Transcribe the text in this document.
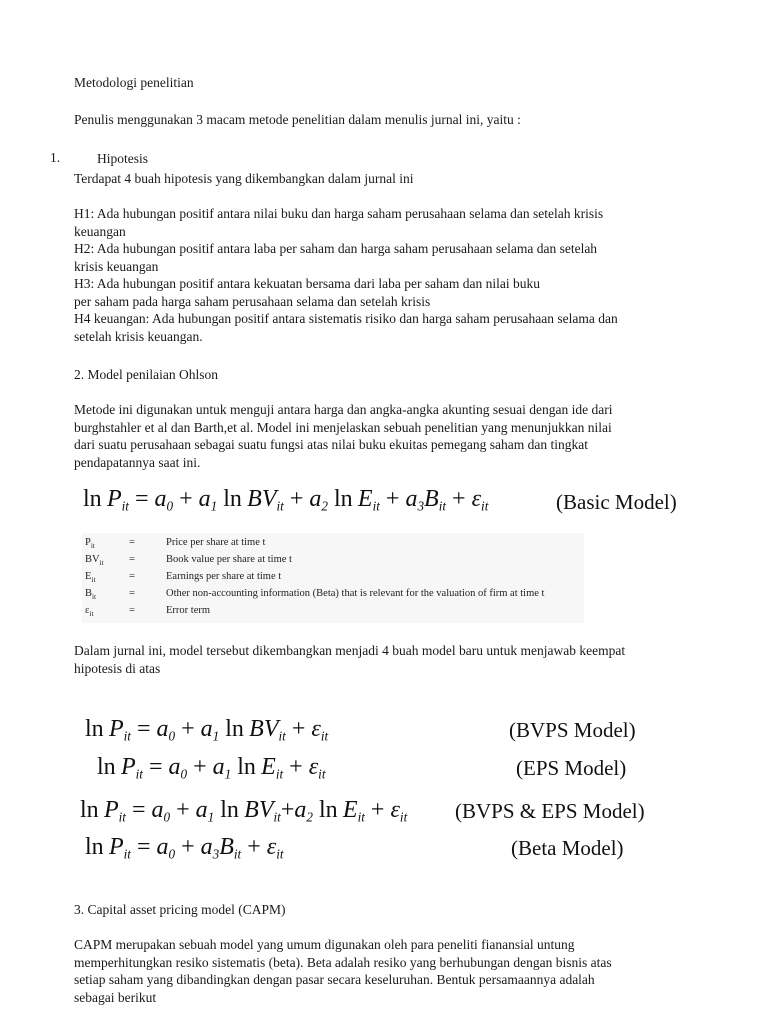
Metodologi penelitian
Penulis menggunakan 3 macam metode penelitian dalam menulis jurnal ini, yaitu :
1.	Hipotesis
Terdapat 4 buah hipotesis yang dikembangkan dalam jurnal ini
H1: Ada hubungan positif antara nilai buku dan harga saham perusahaan selama dan setelah krisis
keuangan
H2: Ada hubungan positif antara laba per saham dan harga saham perusahaan selama dan setelah
krisis keuangan
H3: Ada hubungan positif antara kekuatan bersama dari laba per saham dan nilai buku
per saham pada harga saham perusahaan selama dan setelah krisis
H4 keuangan: Ada hubungan positif antara sistematis risiko dan harga saham perusahaan selama dan
setelah krisis keuangan.
2. Model penilaian Ohlson
Metode ini digunakan untuk menguji antara harga dan angka-angka akunting sesuai dengan ide dari
burghstahler et al dan Barth,et al. Model ini menjelaskan sebuah penelitian yang menunjukkan nilai
dari suatu perusahaan sebagai suatu fungsi atas nilai buku ekuitas pemegang saham dan tingkat
pendapatannya saat ini.
$\ln P_{it} = a_0 + a_1$ $\ln BV_{it} + a_2$ $\ln E_{it} + a_3B_{it} + \varepsilon_{it}$	(Basic Model)
$P_{it}$	=	Price per share at time t
$BV_{it}$ =	Book value per share at time t
$E_{it}$	=	Earnings per share at time t
$B_{it}$	=	Other non-accounting information (Beta) that is relevant for the valuation of firm at time t
$\varepsilon_{it}$	=	Error term
Dalam jurnal ini, model tersebut dikembangkan menjadi 4 buah model baru untuk menjawab keempat
hipotesis di atas
$\ln P_{it} = a_0 + a_1$ $\ln BV_{it} + \varepsilon_{it}$	(BVPS Model)
$\ln P_{it} = a_0 + a_1$ $\ln E_{it} + \varepsilon_{it}$	(EPS Model)
$\ln P_{it} = a_0 + a_1$ $\ln BV_{it}+a_2$ $\ln E_{it} + \varepsilon_{it}$ (BVPS & EPS Model)
$\ln P_{it} = a_0 + a_3B_{it} + \varepsilon_{it}$	(Beta Model)
3. Capital asset pricing model (CAPM)
CAPM merupakan sebuah model yang umum digunakan oleh para peneliti fianansial untung
memperhitungkan resiko sistematis (beta). Beta adalah resiko yang berhubungan dengan bisnis atas
setiap saham yang dibandingkan dengan pasar secara keseluruhan. Bentuk persamaannya adalah
sebagai berikut
